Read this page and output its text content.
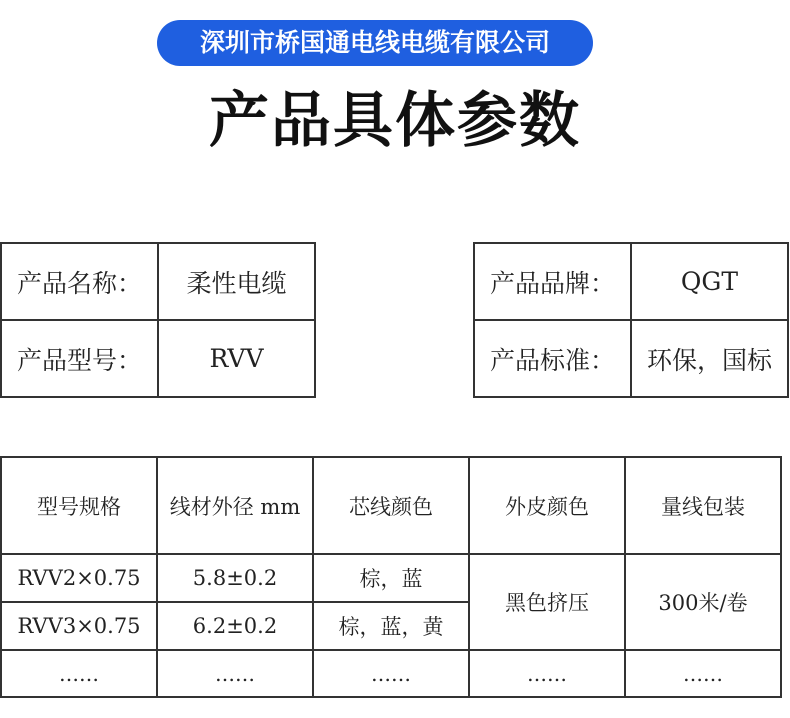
深圳市桥国通电线电缆有限公司
产品具体参数
产品名称：	柔性电缆
产品型号：	RVV
产品品牌：	QGT
产品标准：	环保，国标
型号规格	线材外径 mm	芯线颜色	外皮颜色	量线包装
RVV2×0.75	5.8±0.2	棕，蓝	黑色挤压	300米/卷
RVV3×0.75	6.2±0.2	棕，蓝，黄		
……	……	……	……	……
